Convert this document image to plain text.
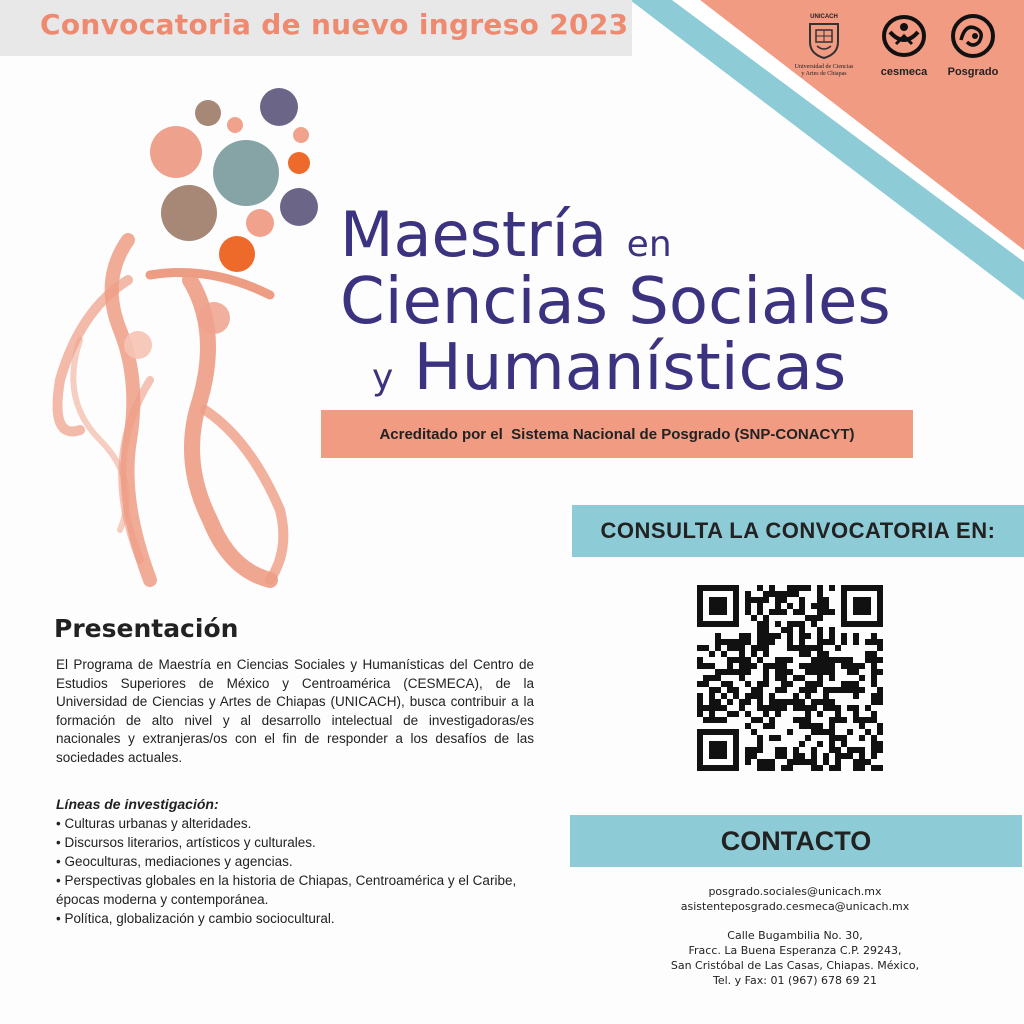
Convocatoria de nuevo ingreso 2023	UNICACH
Universidad de Ciencias
y Artes de Chiapas	cesmeca	Posgrado
Maestría en
Ciencias Sociales
y Humanísticas
Acreditado por el  Sistema Nacional de Posgrado (SNP-CONACYT)
CONSULTA LA CONVOCATORIA EN:
CONTACTO
posgrado.sociales@unicach.mx
asistenteposgrado.cesmeca@unicach.mx
Calle Bugambilia No. 30,
Fracc. La Buena Esperanza C.P. 29243,
San Cristóbal de Las Casas, Chiapas. México,
Tel. y Fax: 01 (967) 678 69 21
Presentación
El Programa de Maestría en Ciencias Sociales y Humanísticas del Centro de Estudios Superiores de México y Centroamérica (CESMECA), de la Universidad de Ciencias y Artes de Chiapas (UNICACH), busca contribuir a la formación de alto nivel y al desarrollo intelectual de investigadoras/es nacionales y extranjeras/os con el fin de responder a los desafíos de las sociedades actuales.
Líneas de investigación:
• Culturas urbanas y alteridades.
• Discursos literarios, artísticos y culturales.
• Geoculturas, mediaciones y agencias.
• Perspectivas globales en la historia de Chiapas, Centroamérica y el Caribe, épocas moderna y contemporánea.
• Política, globalización y cambio sociocultural.
